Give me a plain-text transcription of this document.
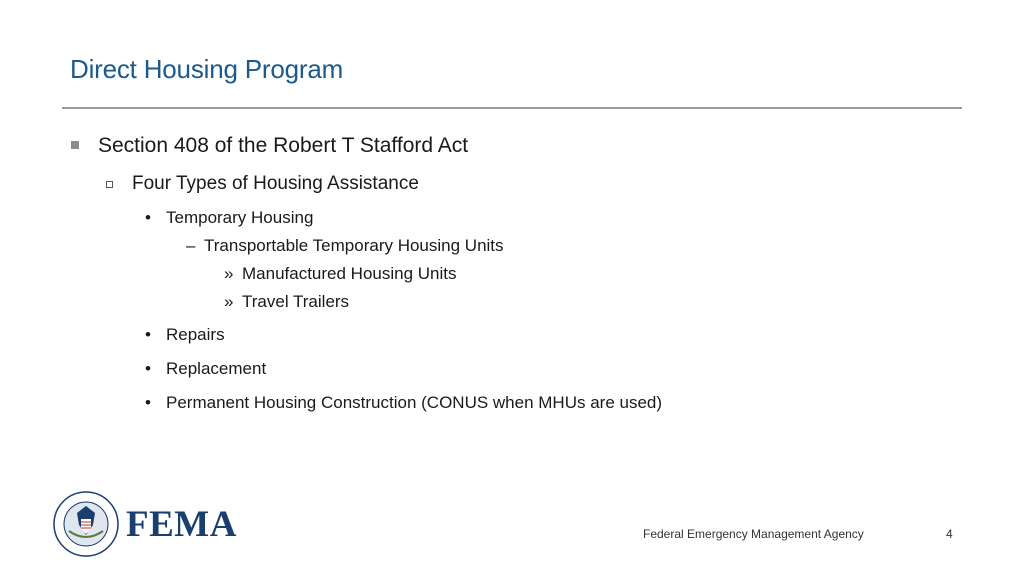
Direct Housing Program
Section 408 of the Robert T Stafford Act
Four Types of Housing Assistance
• Temporary Housing
– Transportable Temporary Housing Units
» Manufactured Housing Units
» Travel Trailers
• Repairs
• Replacement
• Permanent Housing Construction (CONUS when MHUs are used)
FEMA	Federal Emergency Management Agency	4
